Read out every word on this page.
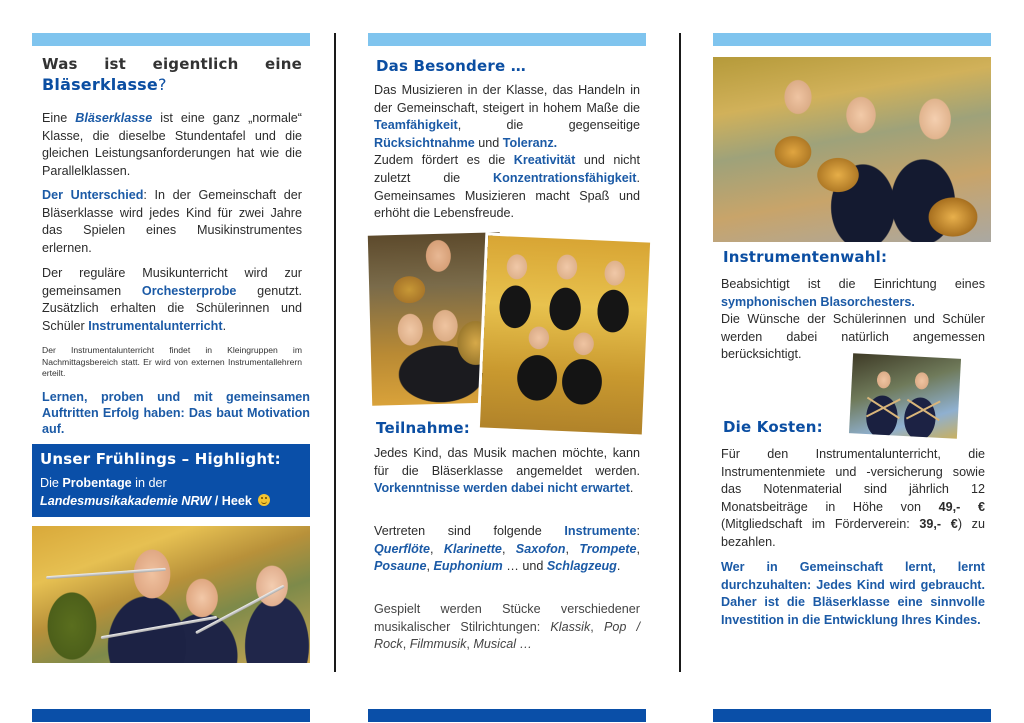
Was ist eigentlich eine
Bläserklasse?

Eine Bläserklasse ist eine ganz „normale“ Klasse, die dieselbe Stundentafel und die gleichen Leistungsanforderungen hat wie die Parallelklassen.

Der Unterschied: In der Gemeinschaft der Bläserklasse wird jedes Kind für zwei Jahre das Spielen eines Musikinstrumentes erlernen.

Der reguläre Musikunterricht wird zur gemeinsamen Orchesterprobe genutzt. Zusätzlich erhalten die Schülerinnen und Schüler Instrumentalunterricht.

Der Instrumentalunterricht findet in Kleingruppen im Nachmittagsbereich statt. Er wird von externen Instrumentallehrern erteilt.

Lernen, proben und mit gemeinsamen Auftritten Erfolg haben: Das baut Motivation auf.

Unser Frühlings – Highlight:

Die Probentage in der

Landesmusikakademie NRW / Heek

Das Besondere …

Das Musizieren in der Klasse, das Handeln in der Gemeinschaft, steigert in hohem Maße die Teamfähigkeit, die gegenseitige Rücksichtnahme und Toleranz.
Zudem fördert es die Kreativität und nicht zuletzt die Konzentrationsfähigkeit. Gemeinsames Musizieren macht Spaß und erhöht die Lebensfreude.

Teilnahme:

Jedes Kind, das Musik machen möchte, kann für die Bläserklasse angemeldet werden. Vorkenntnisse werden dabei nicht erwartet.

Vertreten sind folgende Instrumente: Querflöte, Klarinette, Saxofon, Trompete, Posaune, Euphonium … und Schlagzeug.

Gespielt werden Stücke verschiedener musikalischer Stilrichtungen: Klassik, Pop / Rock, Filmmusik, Musical …

Instrumentenwahl:

Beabsichtigt ist die Einrichtung eines symphonischen Blasorchesters.
Die Wünsche der Schülerinnen und Schüler werden dabei natürlich angemessen berücksichtigt.

Die Kosten:

Für den Instrumentalunterricht, die Instrumentenmiete und -versicherung sowie das Notenmaterial sind jährlich 12 Monatsbeiträge in Höhe von 49,- € (Mitgliedschaft im Förderverein: 39,- €) zu bezahlen.

Wer in Gemeinschaft lernt, lernt durchzuhalten: Jedes Kind wird gebraucht. Daher ist die Bläserklasse eine sinnvolle Investition in die Entwicklung Ihres Kindes.
